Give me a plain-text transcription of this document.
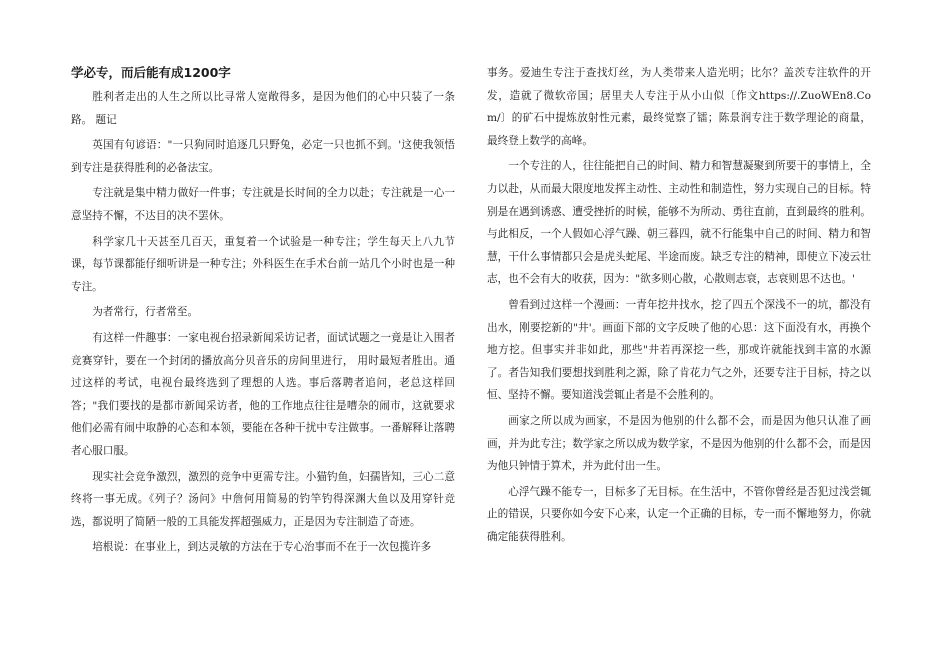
学必专，而后能有成1200字

胜利者走出的人生之所以比寻常人宽敞得多，是因为他们的心中只装了一条路。 题记

英国有句谚语："一只狗同时追逐几只野兔，必定一只也抓不到。'这使我领悟到专注是获得胜利的必备法宝。

专注就是集中精力做好一件事；专注就是长时间的全力以赴；专注就是一心一意坚持不懈，不达目的决不罢休。

科学家几十天甚至几百天，重复着一个试验是一种专注；学生每天上八九节课，每节课都能仔细听讲是一种专注；外科医生在手术台前一站几个小时也是一种专注。

为者常行，行者常至。

有这样一件趣事：一家电视台招录新闻采访记者，面试试题之一竟是让入围者竞赛穿针，要在一个封闭的播放高分贝音乐的房间里进行， 用时最短者胜出。通过这样的考试，电视台最终选到了理想的人选。事后落聘者追问，老总这样回答；"我们要找的是都市新闻采访者，他的工作地点往往是嘈杂的闹市，这就要求他们必需有闹中取静的心态和本领，要能在各种干扰中专注做事。一番解释让落聘者心服口服。

现实社会竞争激烈，激烈的竞争中更需专注。小猫钓鱼，妇孺皆知，三心二意终将一事无成。《列子？汤问》中詹何用简易的钓竿钓得深渊大鱼以及用穿针竞选，都说明了简陋一般的工具能发挥超强威力，正是因为专注制造了奇迹。

培根说：在事业上，到达灵敏的方法在于专心治事而不在于一次包揽许多

事务。爱迪生专注于查找灯丝，为人类带来人造光明；比尔？盖茨专注软件的开发，造就了微软帝国；居里夫人专注于从小山似〔作文https://.ZuoWEn8.Com/〕的矿石中提炼放射性元素，最终觉察了镭；陈景润专注于数学理论的商量，最终登上数学的高峰。

一个专注的人，往往能把自己的时间、精力和智慧凝聚到所要干的事情上，全力以赴，从而最大限度地发挥主动性、主动性和制造性，努力实现自己的目标。特别是在遇到诱惑、遭受挫折的时候，能够不为所动、勇往直前，直到最终的胜利。与此相反，一个人假如心浮气躁、朝三暮四，就不行能集中自己的时间、精力和智慧，干什么事情都只会是虎头蛇尾、半途而废。缺乏专注的精神，即使立下凌云壮志，也不会有大的收获，因为："欲多则心散，心散则志衰，志衰则思不达也。'

曾看到过这样一个漫画：一青年挖井找水，挖了四五个深浅不一的坑，都没有出水，刚要挖新的"井'。画面下部的文字反映了他的心思：这下面没有水，再换个地方挖。但事实并非如此，那些"井若再深挖一些，那或许就能找到丰富的水源了。者告知我们要想找到胜利之源，除了肯花力气之外，还要专注于目标，持之以恒、坚持不懈。要知道浅尝辄止者是不会胜利的。

画家之所以成为画家，不是因为他别的什么都不会，而是因为他只认准了画画，并为此专注；数学家之所以成为数学家，不是因为他别的什么都不会，而是因为他只钟情于算术，并为此付出一生。

心浮气躁不能专一，目标多了无目标。在生活中，不管你曾经是否犯过浅尝辄止的错误，只要你如今安下心来，认定一个正确的目标，专一而不懈地努力，你就确定能获得胜利。
